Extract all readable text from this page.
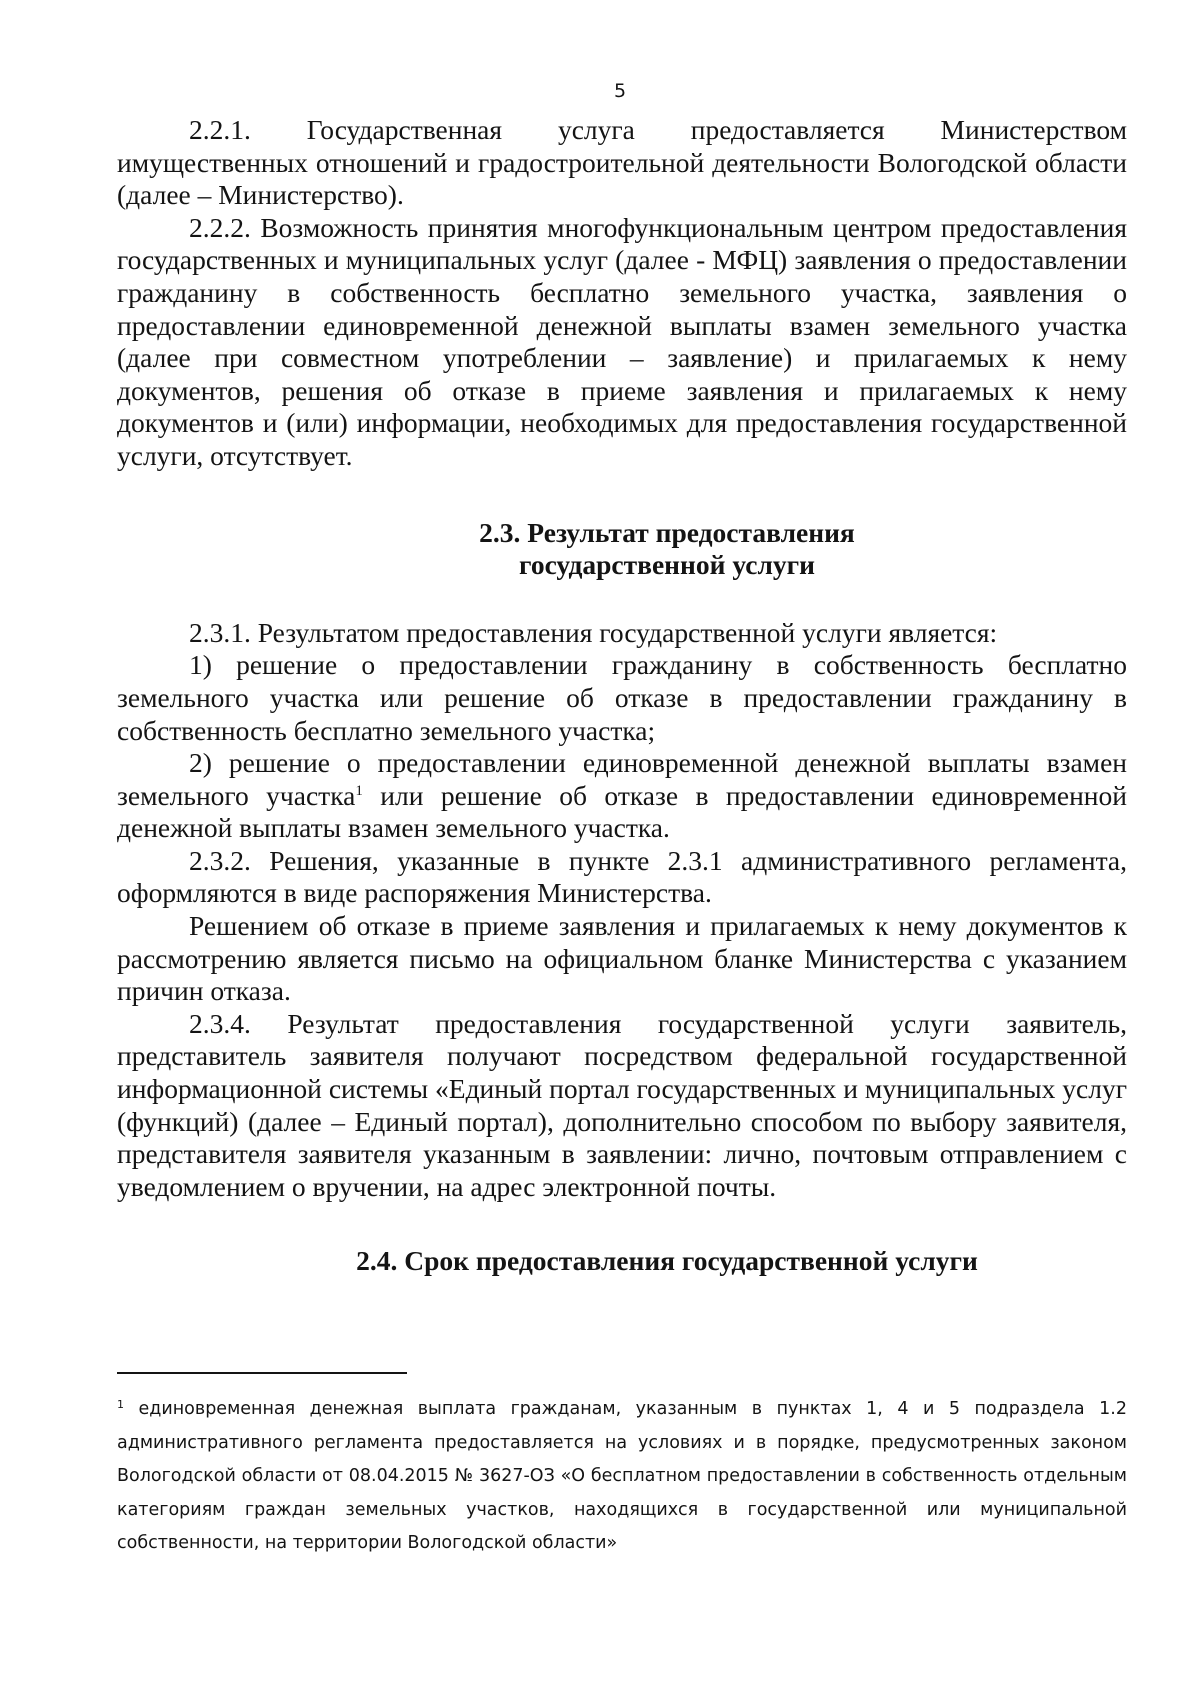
5

2.2.1. Государственная услуга предоставляется Министерством имущественных отношений и градостроительной деятельности Вологодской области (далее – Министерство).

2.2.2. Возможность принятия многофункциональным центром предоставления государственных и муниципальных услуг (далее - МФЦ) заявления о предоставлении гражданину в собственность бесплатно земельного участка, заявления о предоставлении единовременной денежной выплаты взамен земельного участка (далее при совместном употреблении – заявление) и прилагаемых к нему документов, решения об отказе в приеме заявления и прилагаемых к нему документов и (или) информации, необходимых для предоставления государственной услуги, отсутствует.

2.3. Результат предоставления

государственной услуги

2.3.1. Результатом предоставления государственной услуги является:

1) решение о предоставлении гражданину в собственность бесплатно земельного участка или решение об отказе в предоставлении гражданину в собственность бесплатно земельного участка;

2) решение о предоставлении единовременной денежной выплаты взамен земельного участка$^1$ или решение об отказе в предоставлении единовременной денежной выплаты взамен земельного участка.

2.3.2. Решения, указанные в пункте 2.3.1 административного регламента, оформляются в виде распоряжения Министерства.

Решением об отказе в приеме заявления и прилагаемых к нему документов к рассмотрению является письмо на официальном бланке Министерства с указанием причин отказа.

2.3.4. Результат предоставления государственной услуги заявитель, представитель заявителя получают посредством федеральной государственной информационной системы «Единый портал государственных и муниципальных услуг (функций) (далее – Единый портал), дополнительно способом по выбору заявителя, представителя заявителя указанным в заявлении: лично, почтовым отправлением с уведомлением о вручении, на адрес электронной почты.

2.4. Срок предоставления государственной услуги

$^1$ единовременная денежная выплата гражданам, указанным в пунктах 1, 4 и 5 подраздела 1.2 административного регламента предоставляется на условиях и в порядке, предусмотренных законом Вологодской области от 08.04.2015 № 3627-ОЗ «О бесплатном предоставлении в собственность отдельным категориям граждан земельных участков, находящихся в государственной или муниципальной собственности, на территории Вологодской области»
